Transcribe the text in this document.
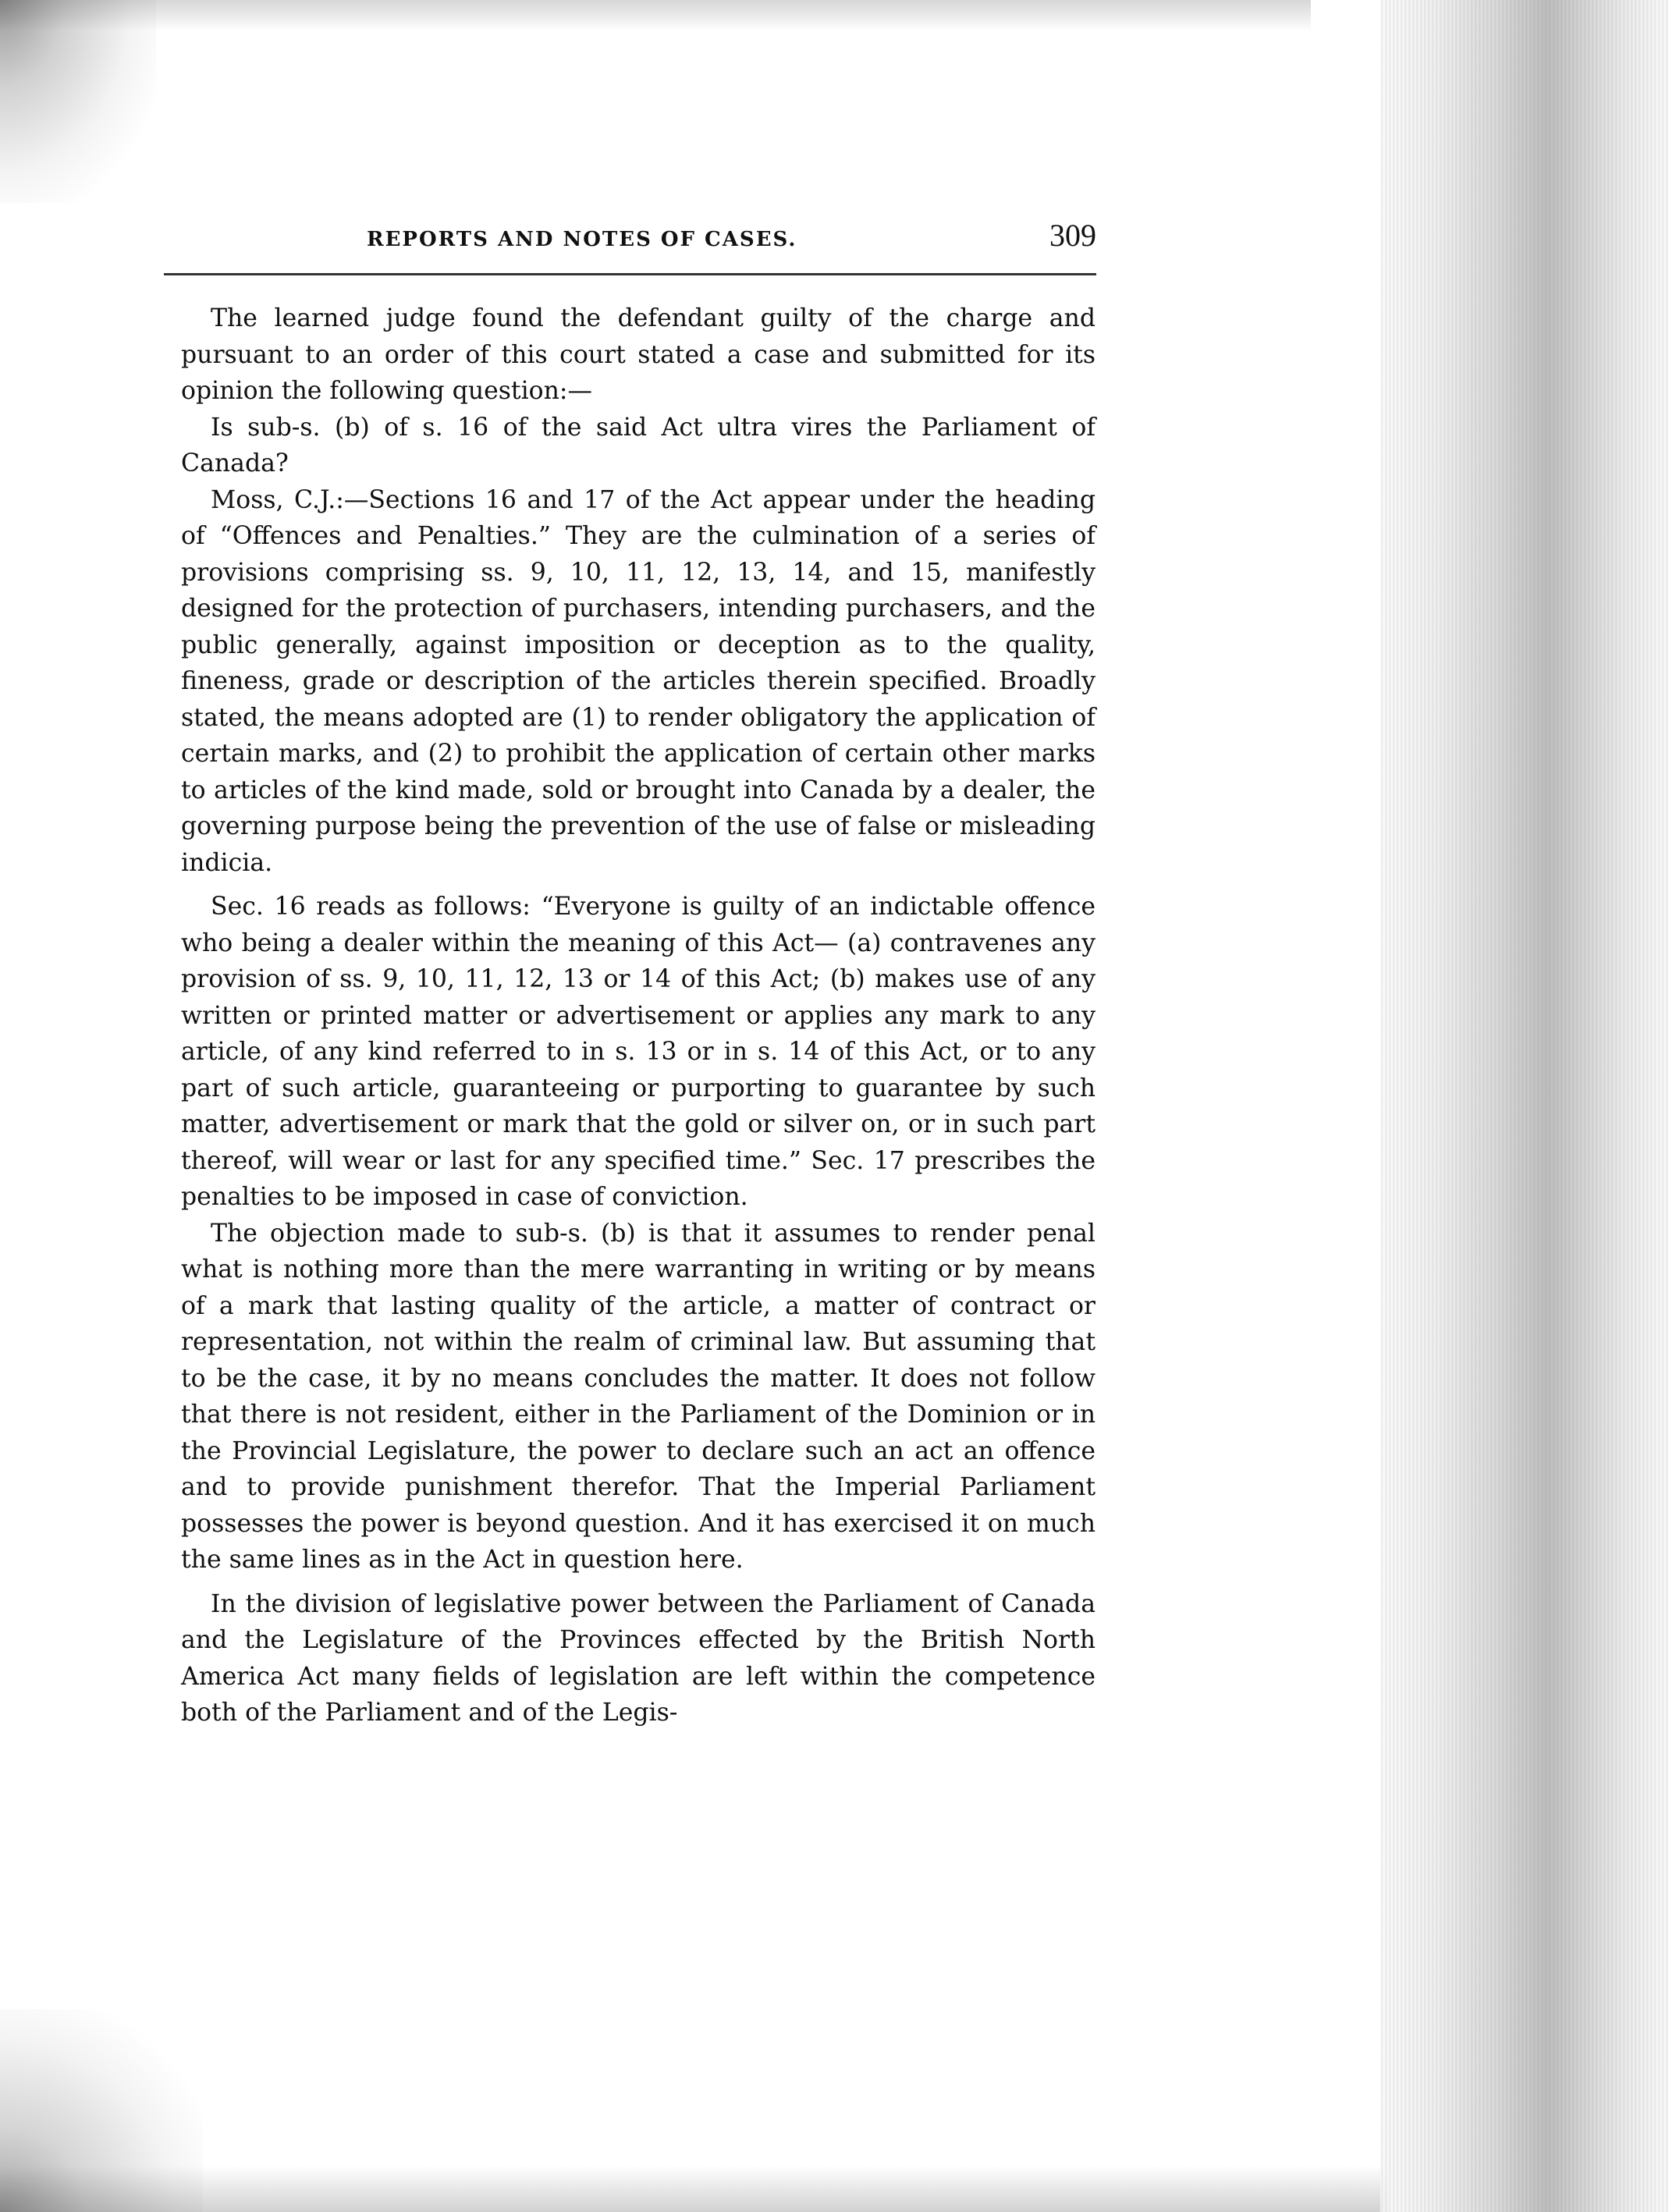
REPORTS AND NOTES OF CASES.	309

The learned judge found the defendant guilty of the charge and pursuant to an order of this court stated a case and submitted for its opinion the following question:—

Is sub-s. (b) of s. 16 of the said Act ultra vires the Parliament of Canada?

Moss, C.J.:—Sections 16 and 17 of the Act appear under the heading of “Offences and Penalties.” They are the culmination of a series of provisions comprising ss. 9, 10, 11, 12, 13, 14, and 15, manifestly designed for the protection of purchasers, intending purchasers, and the public generally, against imposition or deception as to the quality, fineness, grade or description of the articles therein specified. Broadly stated, the means adopted are (1) to render obligatory the application of certain marks, and (2) to prohibit the application of certain other marks to articles of the kind made, sold or brought into Canada by a dealer, the governing purpose being the prevention of the use of false or misleading indicia.

Sec. 16 reads as follows: “Everyone is guilty of an indictable offence who being a dealer within the meaning of this Act— (a) contravenes any provision of ss. 9, 10, 11, 12, 13 or 14 of this Act; (b) makes use of any written or printed matter or advertisement or applies any mark to any article, of any kind referred to in s. 13 or in s. 14 of this Act, or to any part of such article, guaranteeing or purporting to guarantee by such matter, advertisement or mark that the gold or silver on, or in such part thereof, will wear or last for any specified time.” Sec. 17 prescribes the penalties to be imposed in case of conviction.

The objection made to sub-s. (b) is that it assumes to render penal what is nothing more than the mere warranting in writing or by means of a mark that lasting quality of the article, a matter of contract or representation, not within the realm of criminal law. But assuming that to be the case, it by no means concludes the matter. It does not follow that there is not resident, either in the Parliament of the Dominion or in the Provincial Legislature, the power to declare such an act an offence and to provide punishment therefor. That the Imperial Parliament possesses the power is beyond question. And it has exercised it on much the same lines as in the Act in question here.

In the division of legislative power between the Parliament of Canada and the Legislature of the Provinces effected by the British North America Act many fields of legislation are left within the competence both of the Parliament and of the Legis-
